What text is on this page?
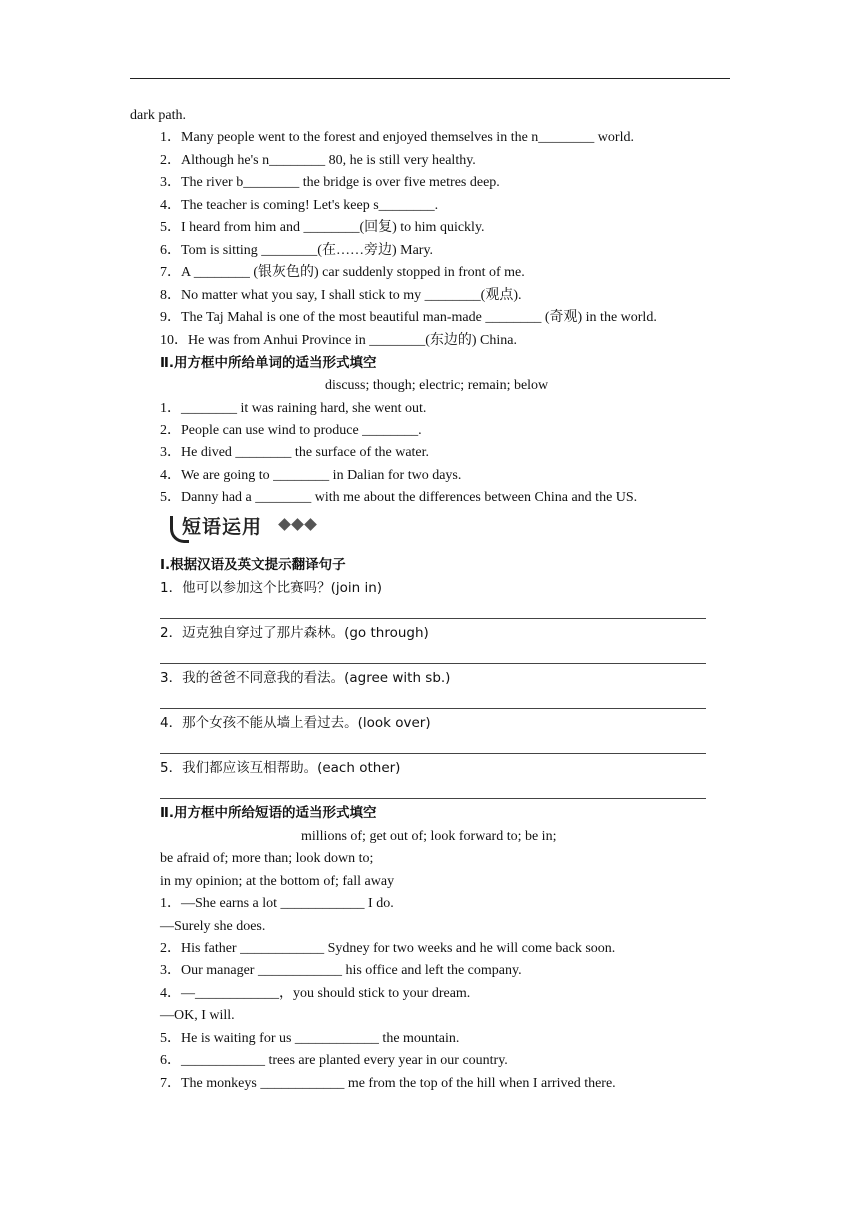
dark path.
1．Many people went to the forest and enjoyed themselves in the n________ world.
2．Although he's n________ 80, he is still very healthy.
3．The river b________ the bridge is over five metres deep.
4．The teacher is coming! Let's keep s________.
5．I heard from him and ________(回复) to him quickly.
6．Tom is sitting ________(在……旁边) Mary.
7．A ________ (银灰色的) car suddenly stopped in front of me.
8．No matter what you say, I shall stick to my ________(观点).
9．The Taj Mahal is one of the most beautiful man-made ________ (奇观) in the world.
10．He was from Anhui Province in ________(东边的) China.
Ⅱ.用方框中所给单词的适当形式填空
discuss; though; electric; remain; below
1．________ it was raining hard, she went out.
2．People can use wind to produce ________.
3．He dived ________ the surface of the water.
4．We are going to ________ in Dalian for two days.
5．Danny had a ________ with me about the differences between China and the US.
短语运用
Ⅰ.根据汉语及英文提示翻译句子
1．他可以参加这个比赛吗？(join in)
2．迈克独自穿过了那片森林。(go through)
3．我的爸爸不同意我的看法。(agree with sb.)
4．那个女孩不能从墙上看过去。(look over)
5．我们都应该互相帮助。(each other)
Ⅱ.用方框中所给短语的适当形式填空
millions of; get out of; look forward to; be in;
be afraid of; more than; look down to;
in my opinion; at the bottom of; fall away
1．—She earns a lot ____________ I do.
—Surely she does.
2．His father ____________ Sydney for two weeks and he will come back soon.
3．Our manager ____________ his office and left the company.
4．—____________，you should stick to your dream.
—OK, I will.
5．He is waiting for us ____________ the mountain.
6．____________ trees are planted every year in our country.
7．The monkeys ____________ me from the top of the hill when I arrived there.
